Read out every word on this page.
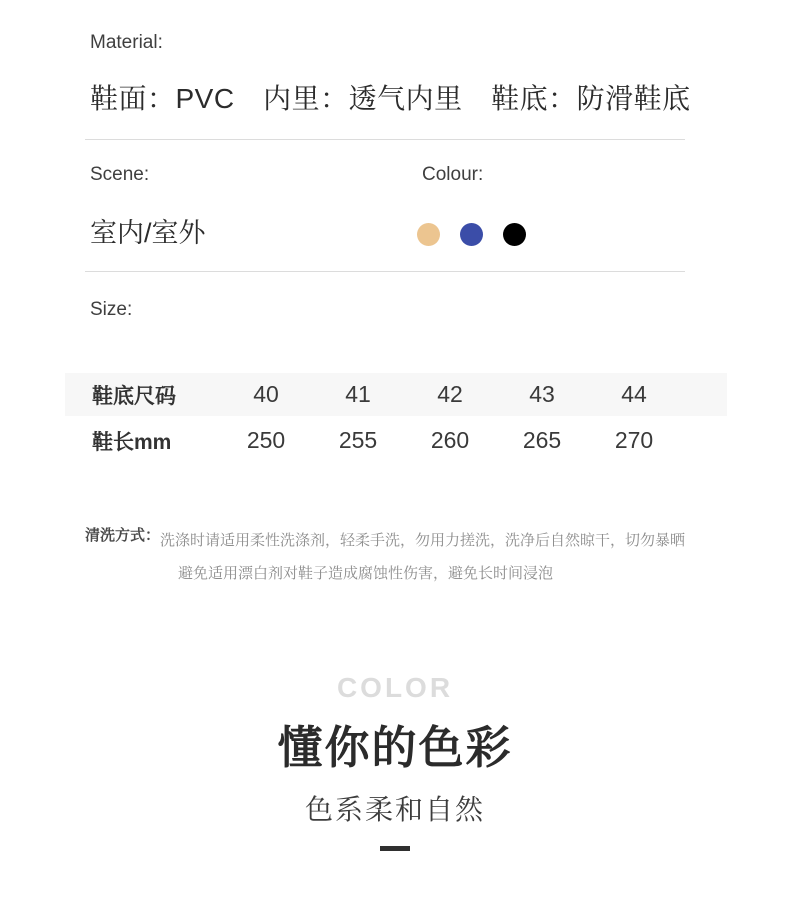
Material:
鞋面：PVC　内里：透气内里　鞋底：防滑鞋底
Scene:
室内/室外
Colour:
Size:
鞋底尺码	40	41	42	43	44
鞋长mm	250	255	260	265	270
清洗方式： 洗涤时请适用柔性洗涤剂，轻柔手洗，勿用力搓洗，洗净后自然晾干，切勿暴晒
避免适用漂白剂对鞋子造成腐蚀性伤害，避免长时间浸泡
COLOR
懂你的色彩
色系柔和自然
